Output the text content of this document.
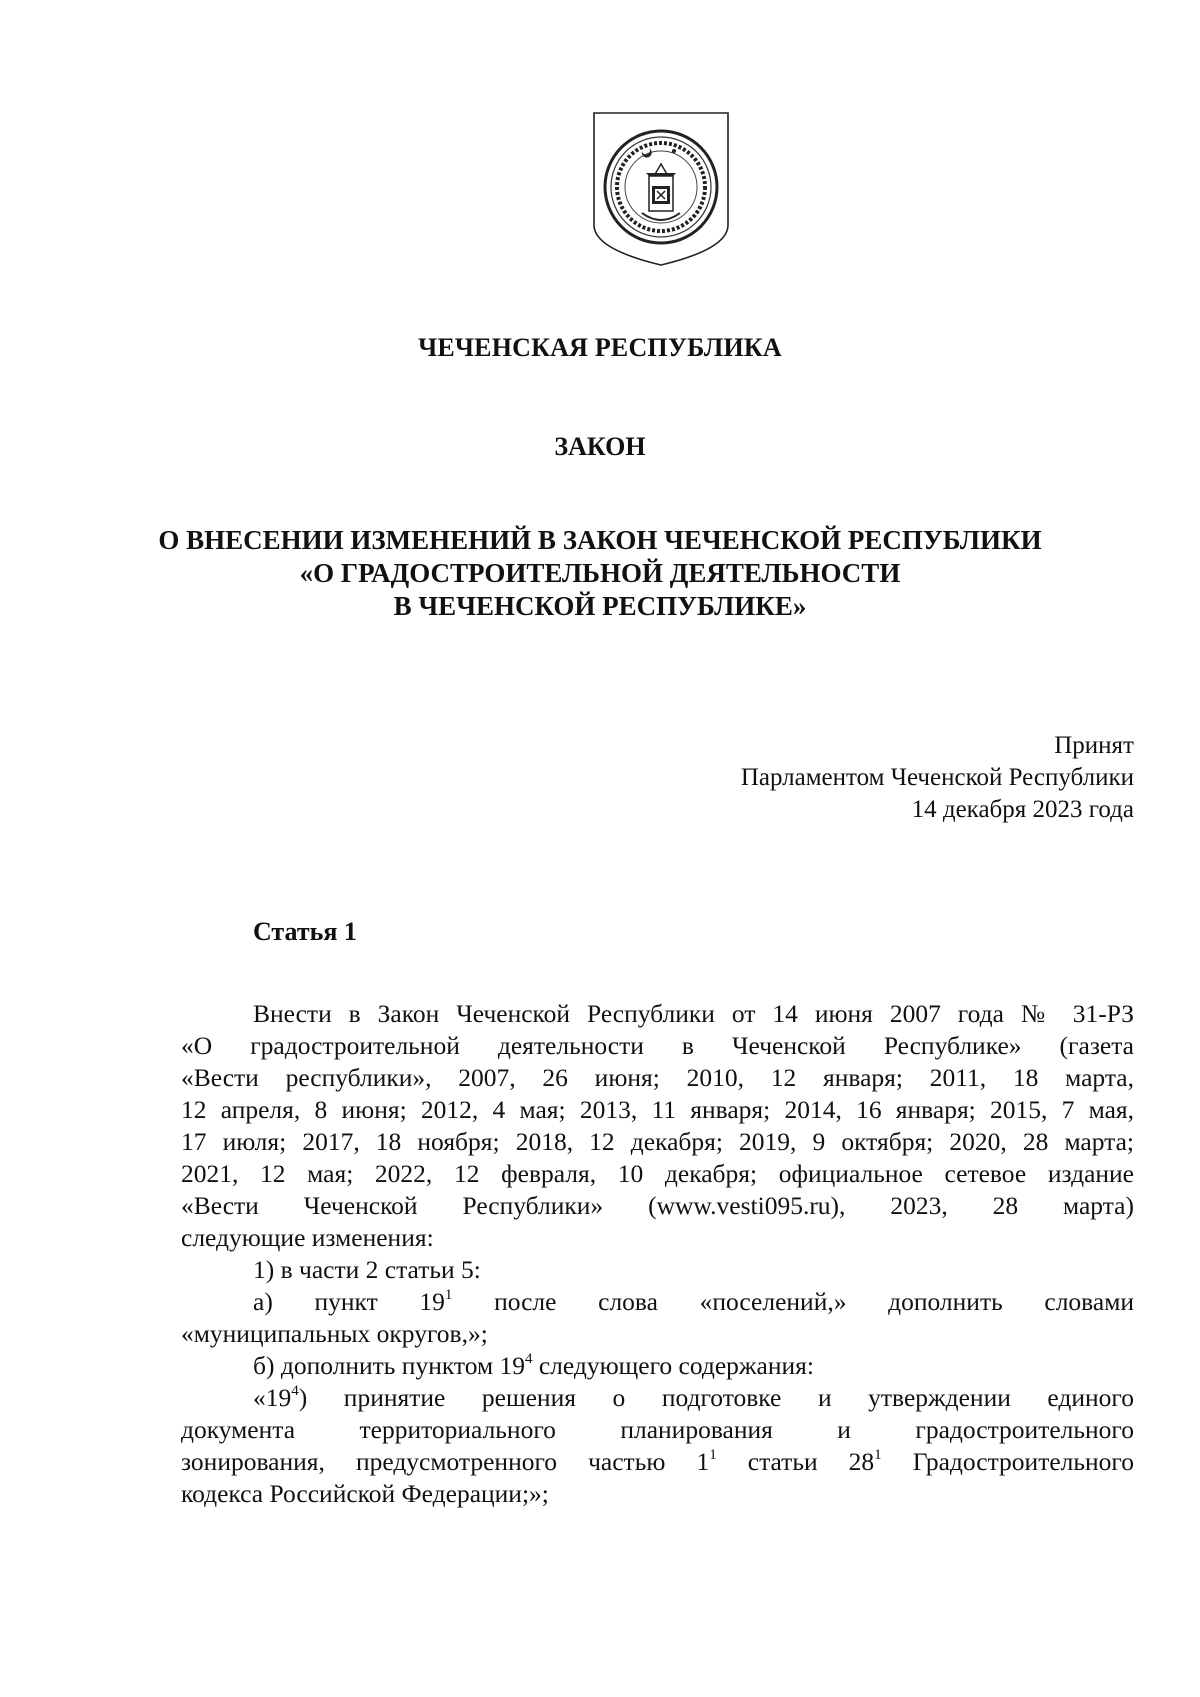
ЧЕЧЕНСКАЯ РЕСПУБЛИКА
ЗАКОН
О ВНЕСЕНИИ ИЗМЕНЕНИЙ В ЗАКОН ЧЕЧЕНСКОЙ РЕСПУБЛИКИ
«О ГРАДОСТРОИТЕЛЬНОЙ ДЕЯТЕЛЬНОСТИ
В ЧЕЧЕНСКОЙ РЕСПУБЛИКЕ»
Принят
Парламентом Чеченской Республики
14 декабря 2023 года
Статья 1

Внести в Закон Чеченской Республики от 14 июня 2007 года № 31-РЗ

«О градостроительной деятельности в Чеченской Республике» (газета

«Вести республики», 2007, 26 июня; 2010, 12 января; 2011, 18 марта,

12 апреля, 8 июня; 2012, 4 мая; 2013, 11 января; 2014, 16 января; 2015, 7 мая,

17 июля; 2017, 18 ноября; 2018, 12 декабря; 2019, 9 октября; 2020, 28 марта;

2021, 12 мая; 2022, 12 февраля, 10 декабря; официальное сетевое издание

«Вести Чеченской Республики» (www.vesti095.ru), 2023, 28 марта)

следующие изменения:

1) в части 2 статьи 5:

а) пункт $19^1$ после слова «поселений,» дополнить словами

«муниципальных округов,»;

б) дополнить пунктом $19^4$ следующего содержания:

«$19^4$) принятие решения о подготовке и утверждении единого

документа территориального планирования и градостроительного

зонирования, предусмотренного частью $1^1$ статьи $28^1$ Градостроительного

кодекса Российской Федерации;»;
